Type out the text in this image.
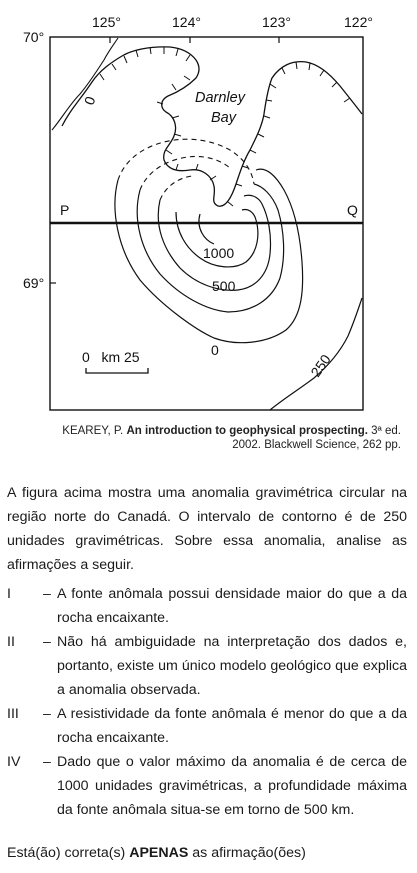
125°	124°	123°	122°
70°
69°
P	Q
Darnley
Bay
0
1000
500
0
250
0   km 25
KEAREY, P. An introduction to geophysical prospecting. 3ª ed.
2002. Blackwell Science, 262 pp.
A figura acima mostra uma anomalia gravimétrica circular na região norte do Canadá. O intervalo de contorno é de 250 unidades gravimétricas. Sobre essa anomalia, analise as afirmações a seguir.
I	– A fonte anômala possui densidade maior do que a da rocha encaixante.
II	– Não há ambiguidade na interpretação dos dados e, portanto, existe um único modelo geológico que explica a anomalia observada.
III	– A resistividade da fonte anômala é menor do que a da rocha encaixante.
IV	– Dado que o valor máximo da anomalia é de cerca de 1000 unidades gravimétricas, a profundidade máxima da fonte anômala situa-se em torno de 500 km.
Está(ão) correta(s) APENAS as afirmação(ões)
